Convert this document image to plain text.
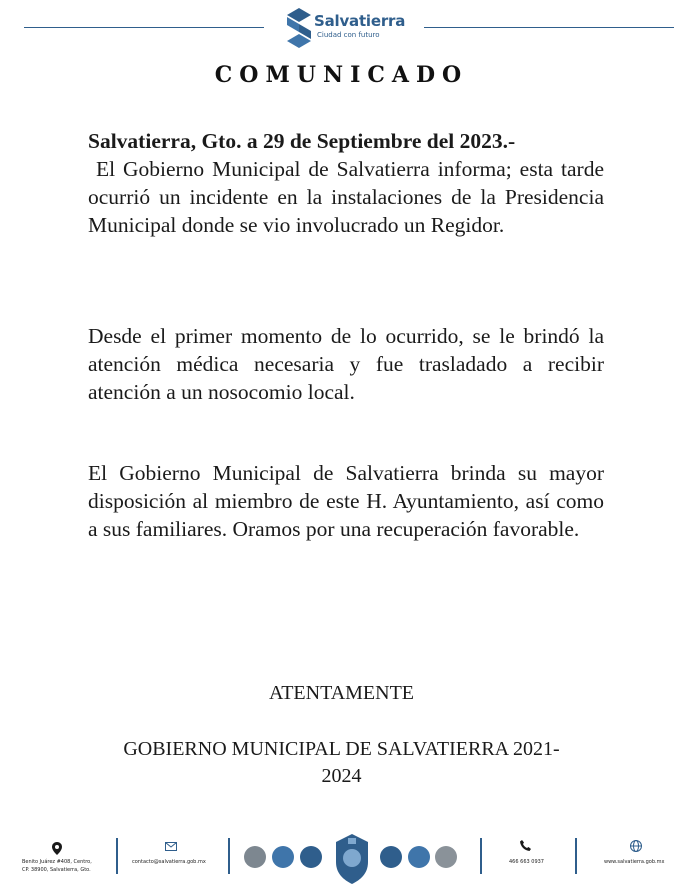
Salvatierra
Ciudad con futuro
COMUNICADO
Salvatierra, Gto. a 29 de Septiembre del 2023.-
El Gobierno Municipal de Salvatierra informa; esta tarde ocurrió un incidente en la instalaciones de la Presidencia Municipal donde se vio involucrado un Regidor.
Desde el primer momento de lo ocurrido, se le brindó la atención médica necesaria y fue trasladado a recibir atención a un nosocomio local.
El Gobierno Municipal de Salvatierra brinda su mayor disposición al miembro de este H. Ayuntamiento, así como a sus familiares. Oramos por una recuperación favorable.
ATENTAMENTE
GOBIERNO MUNICIPAL DE SALVATIERRA 2021-
2024
Benito Juárez #408, Centro,
CP. 38900, Salvatierra, Gto.
contacto@salvatierra.gob.mx	466 663 0937	www.salvatierra.gob.mx
